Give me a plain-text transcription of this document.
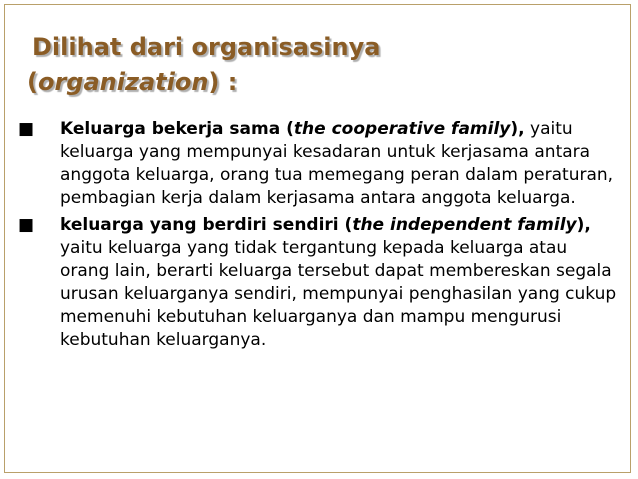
Dilihat dari organisasinya
(organization) :
■	Keluarga bekerja sama (the cooperative family), yaitu keluarga yang mempunyai kesadaran untuk kerjasama antara anggota keluarga, orang tua memegang peran dalam peraturan, pembagian kerja dalam kerjasama antara anggota keluarga.
■	keluarga yang berdiri sendiri (the independent family), yaitu keluarga yang tidak tergantung kepada keluarga atau orang lain, berarti keluarga tersebut dapat membereskan segala urusan keluarganya sendiri, mempunyai penghasilan yang cukup memenuhi kebutuhan keluarganya dan mampu mengurusi kebutuhan keluarganya.
